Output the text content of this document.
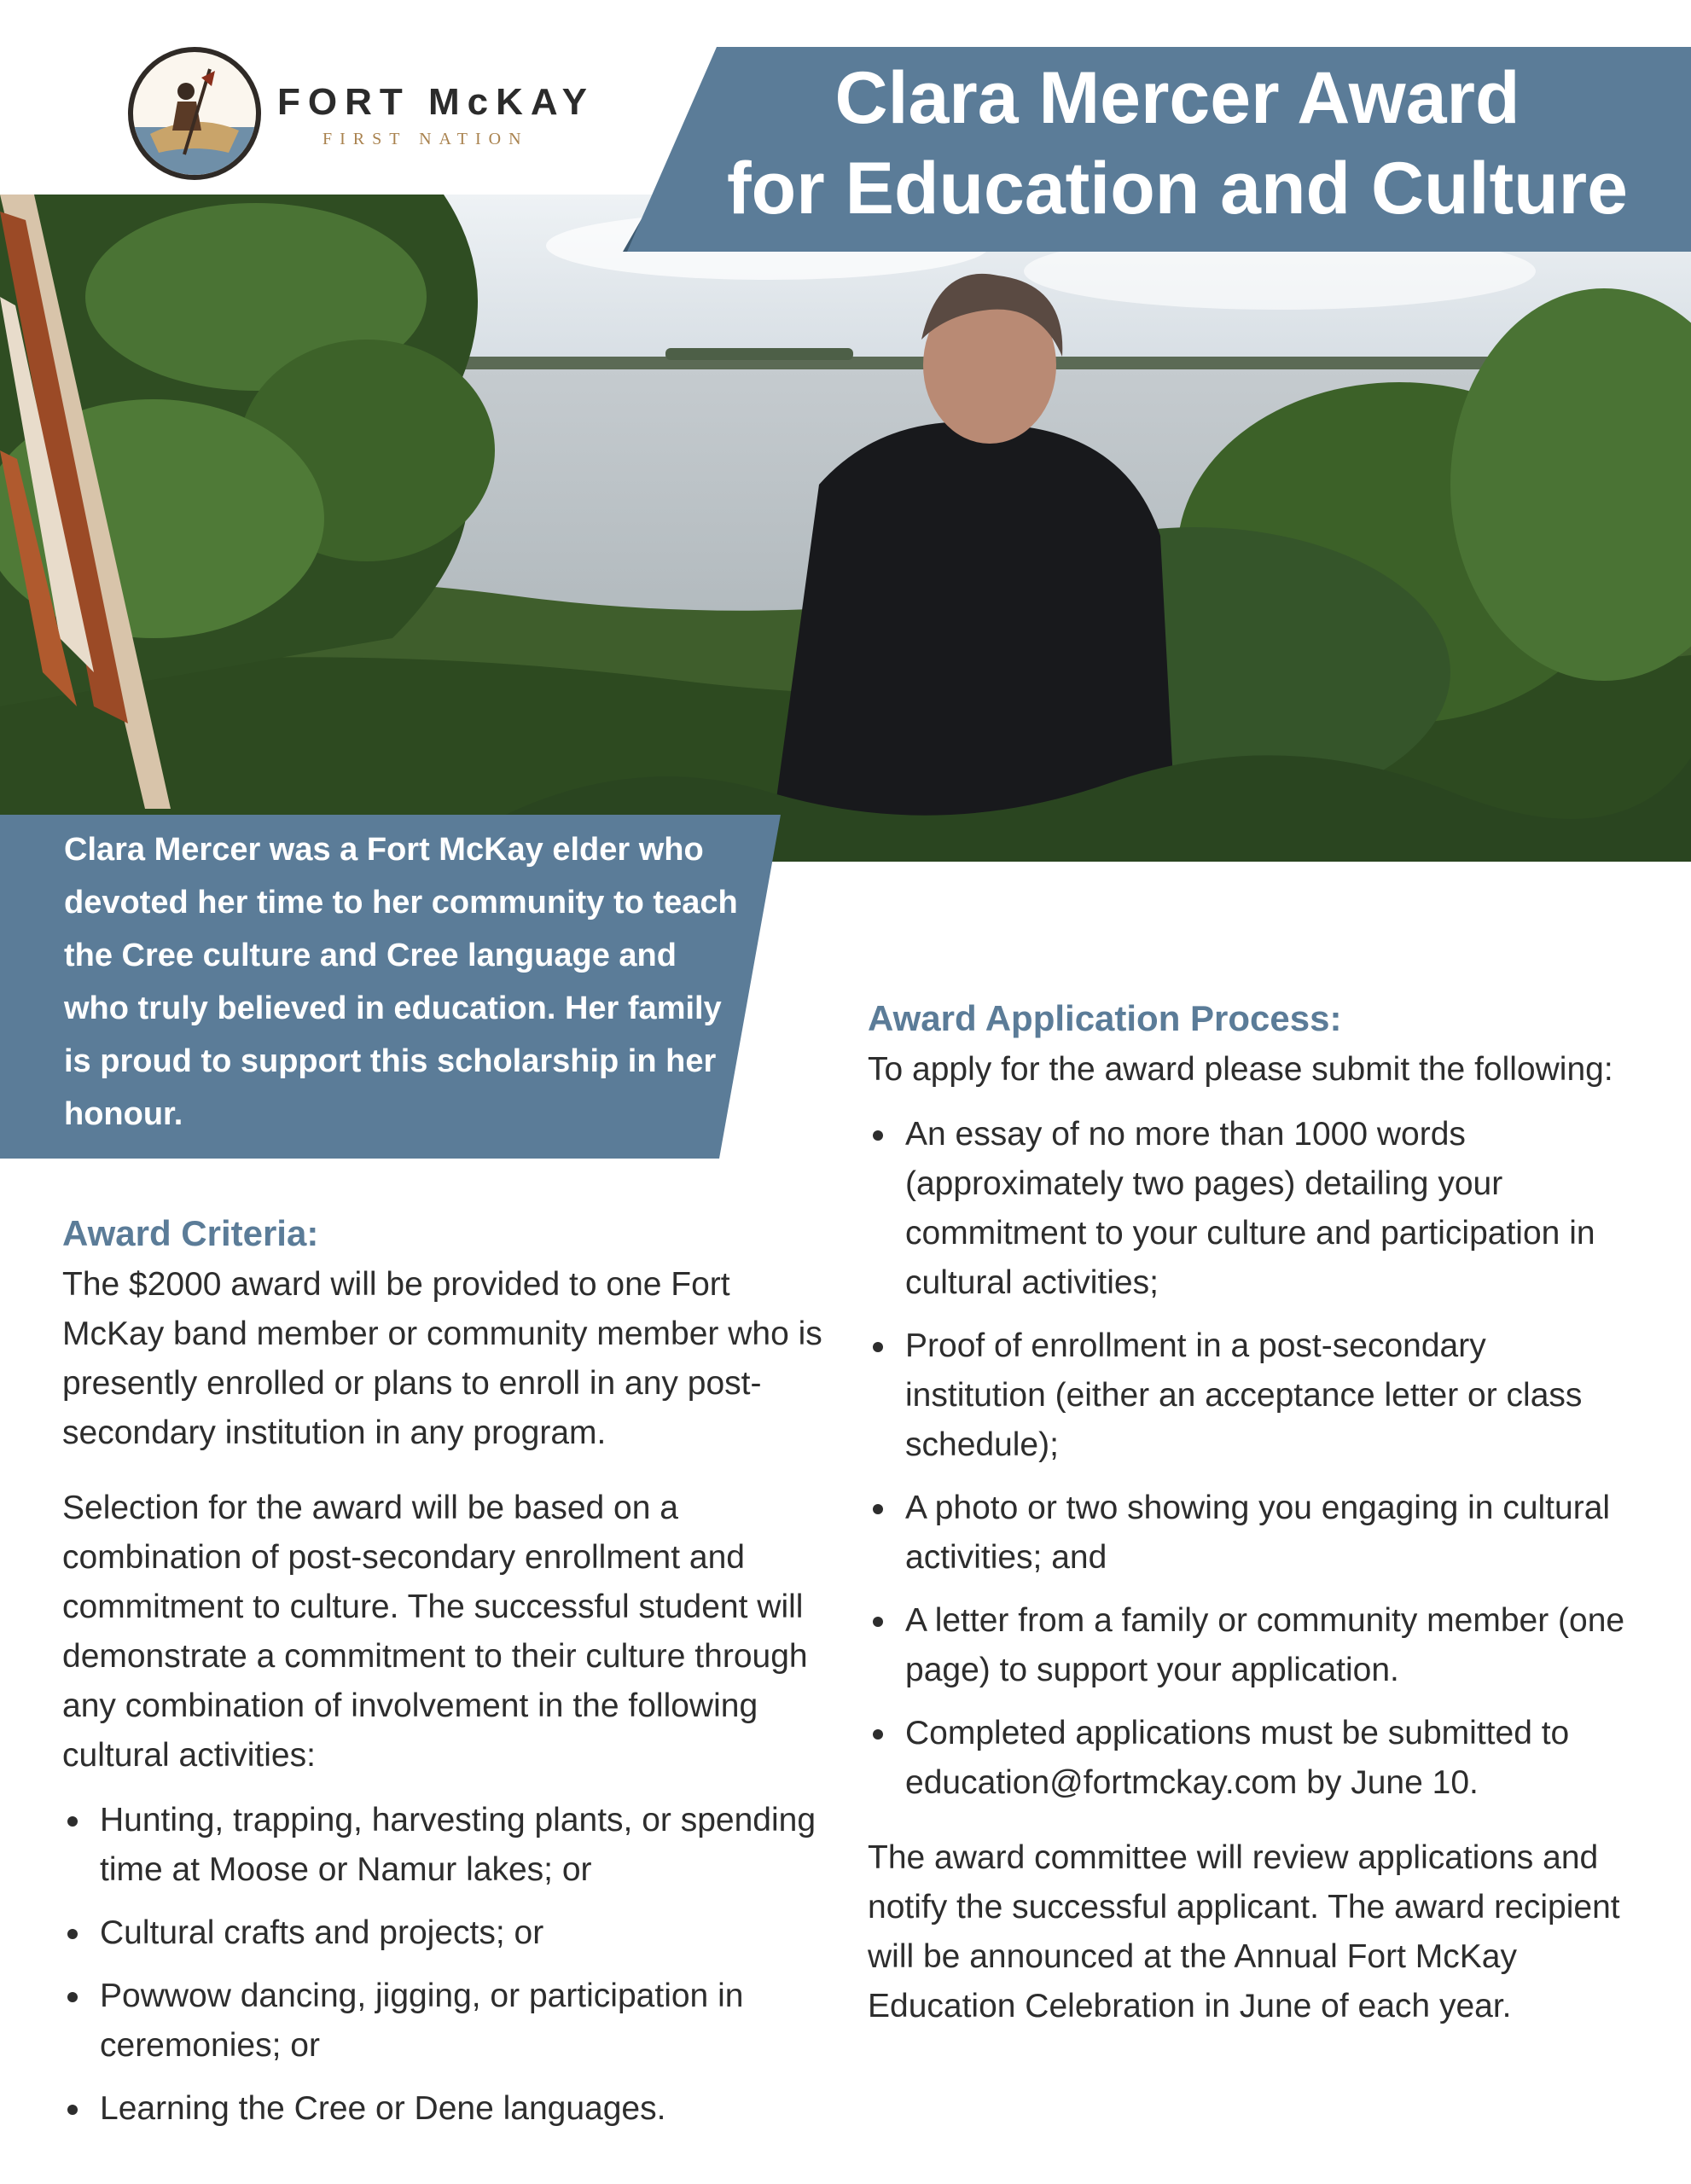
FORT McKAY
FIRST NATION	Clara Mercer Award
for Education and Culture
Clara Mercer was a Fort McKay elder who devoted her time to her community to teach the Cree culture and Cree language and who truly believed in education. Her family is proud to support this scholarship in her honour.
Award Criteria:

The $2000 award will be provided to one Fort McKay band member or community member who is presently enrolled or plans to enroll in any post-secondary institution in any program.

Selection for the award will be based on a combination of post-secondary enrollment and commitment to culture. The successful student will demonstrate a commitment to their culture through any combination of involvement in the following cultural activities:

Hunting, trapping, harvesting plants, or spending time at Moose or Namur lakes; or
Cultural crafts and projects; or
Powwow dancing, jigging, or participation in ceremonies; or
Learning the Cree or Dene languages.
Award Application Process:

To apply for the award please submit the following:

An essay of no more than 1000 words (approximately two pages) detailing your commitment to your culture and participation in cultural activities;
Proof of enrollment in a post-secondary institution (either an acceptance letter or class schedule);
A photo or two showing you engaging in cultural activities; and
A letter from a family or community member (one page) to support your application.
Completed applications must be submitted to education@fortmckay.com by June 10.

The award committee will review applications and notify the successful applicant. The award recipient will be announced at the Annual Fort McKay Education Celebration in June of each year.
